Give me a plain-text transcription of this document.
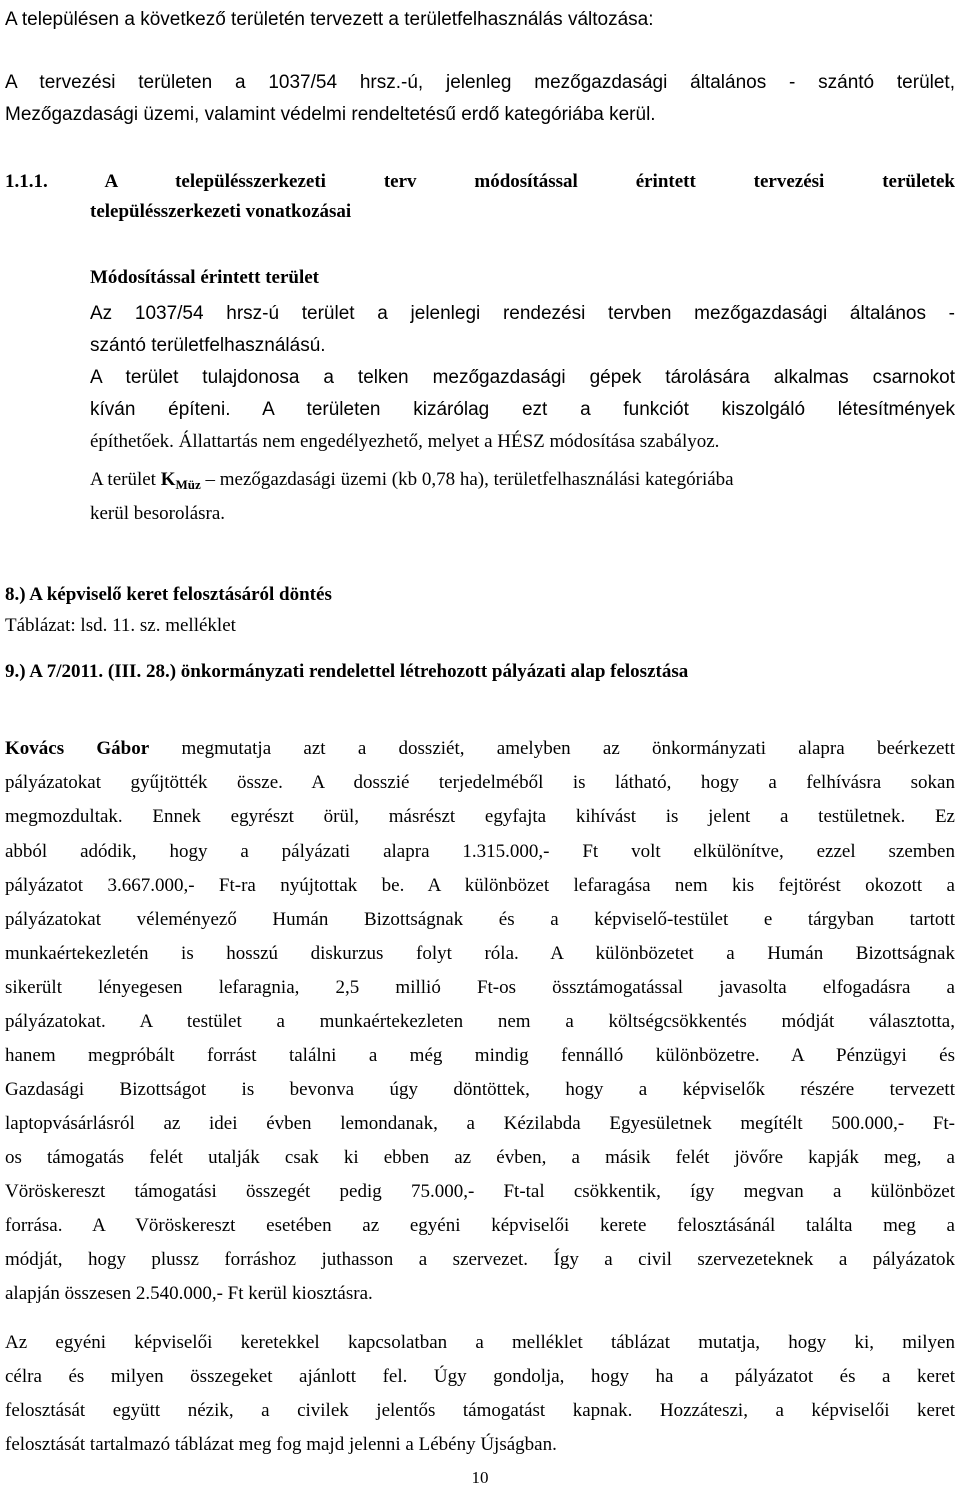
A településen a következő területén tervezett a területfelhasználás változása:
A tervezési területen a 1037/54 hrsz.-ú, jelenleg mezőgazdasági általános - szántó terület,
Mezőgazdasági üzemi, valamint védelmi rendeltetésű erdő kategóriába kerül.
1.1.1. A településszerkezeti terv módosítással érintett tervezési területek
településszerkezeti vonatkozásai
Módosítással érintett terület
Az 1037/54 hrsz-ú terület a jelenlegi rendezési tervben mezőgazdasági általános -
szántó területfelhasználású.
A terület tulajdonosa a telken mezőgazdasági gépek tárolására alkalmas csarnokot
kíván építeni. A területen kizárólag ezt a funkciót kiszolgáló létesítmények
építhetőek. Állattartás nem engedélyezhető, melyet a HÉSZ módosítása szabályoz.
A terület $K_{Müz}$ – mezőgazdasági üzemi (kb 0,78 ha), területfelhasználási kategóriába
kerül besorolásra.
8.) A képviselő keret felosztásáról döntés
Táblázat: lsd. 11. sz. melléklet
9.) A 7/2011. (III. 28.) önkormányzati rendelettel létrehozott pályázati alap felosztása
Kovács Gábor megmutatja azt a dossziét, amelyben az önkormányzati alapra beérkezett
pályázatokat gyűjtötték össze. A dosszié terjedelméből is látható, hogy a felhívásra sokan
megmozdultak. Ennek egyrészt örül, másrészt egyfajta kihívást is jelent a testületnek. Ez
abból adódik, hogy a pályázati alapra 1.315.000,- Ft volt elkülönítve, ezzel szemben
pályázatot 3.667.000,- Ft-ra nyújtottak be. A különbözet lefaragása nem kis fejtörést okozott a
pályázatokat véleményező Humán Bizottságnak és a képviselő-testület e tárgyban tartott
munkaértekezletén is hosszú diskurzus folyt róla. A különbözetet a Humán Bizottságnak
sikerült lényegesen lefaragnia, 2,5 millió Ft-os össztámogatással javasolta elfogadásra a
pályázatokat. A testület a munkaértekezleten nem a költségcsökkentés módját választotta,
hanem megpróbált forrást találni a még mindig fennálló különbözetre. A Pénzügyi és
Gazdasági Bizottságot is bevonva úgy döntöttek, hogy a képviselők részére tervezett
laptopvásárlásról az idei évben lemondanak, a Kézilabda Egyesületnek megítélt 500.000,- Ft-
os támogatás felét utalják csak ki ebben az évben, a másik felét jövőre kapják meg, a
Vöröskereszt támogatási összegét pedig 75.000,- Ft-tal csökkentik, így megvan a különbözet
forrása. A Vöröskereszt esetében az egyéni képviselői kerete felosztásánál találta meg a
módját, hogy plussz forráshoz juthasson a szervezet. Így a civil szervezeteknek a pályázatok
alapján összesen 2.540.000,- Ft kerül kiosztásra.
Az egyéni képviselői keretekkel kapcsolatban a melléklet táblázat mutatja, hogy ki, milyen
célra és milyen összegeket ajánlott fel. Úgy gondolja, hogy ha a pályázatot és a keret
felosztását együtt nézik, a civilek jelentős támogatást kapnak. Hozzáteszi, a képviselői keret
felosztását tartalmazó táblázat meg fog majd jelenni a Lébény Újságban.
10
